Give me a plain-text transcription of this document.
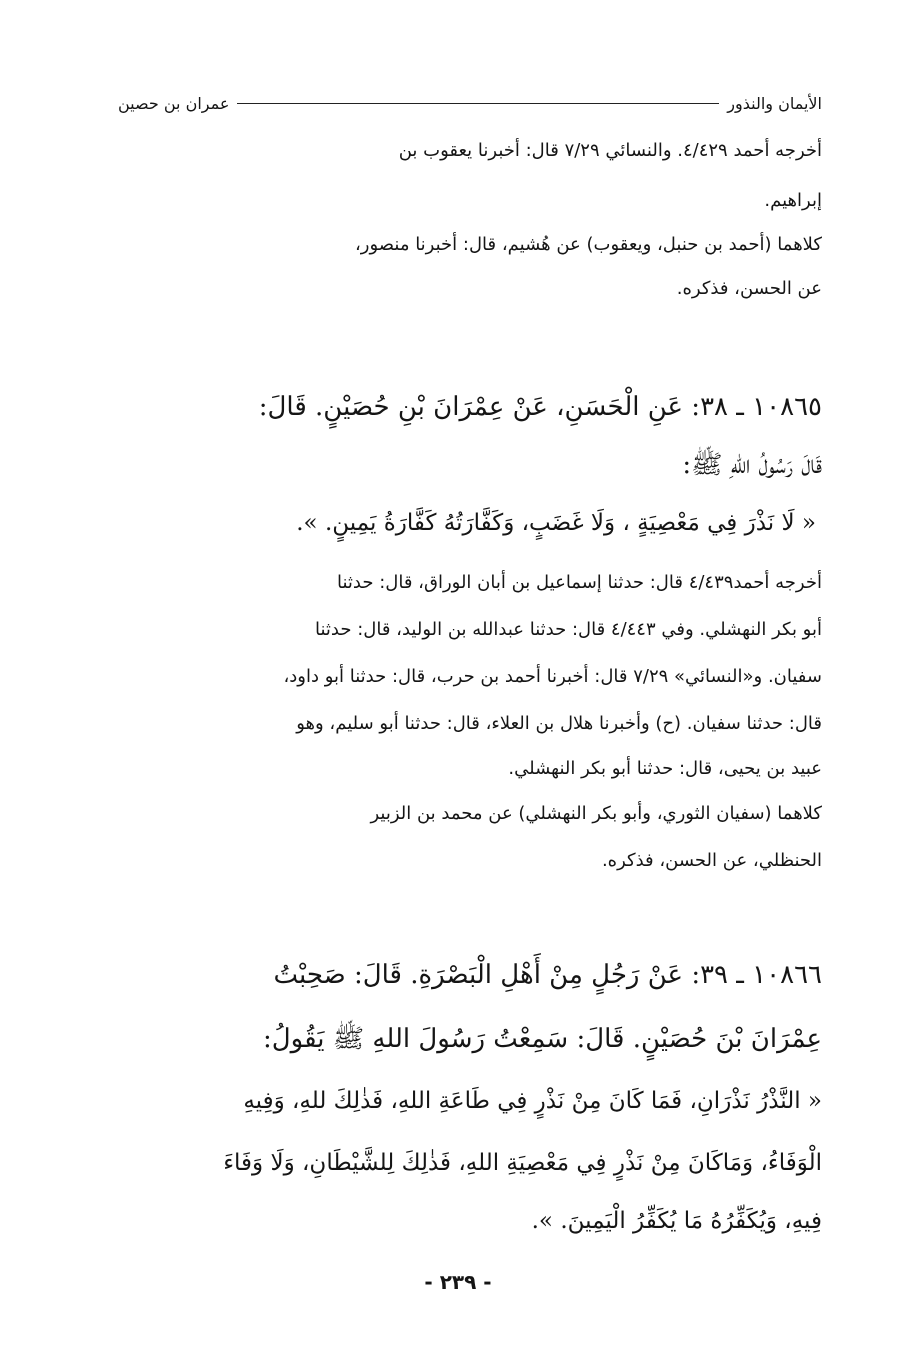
الأيمان والنذور
عمران بن حصين
أخرجه أحمد ٤/٤٢٩. والنسائي ٧/٢٩ قال: أخبرنا يعقوب بن
إبراهيم.
كلاهما (أحمد بن حنبل، ويعقوب) عن هُشيم، قال: أخبرنا منصور،
عن الحسن، فذكره.
١٠٨٦٥ ـ ٣٨: عَنِ الْحَسَنِ، عَنْ عِمْرَانَ بْنِ حُصَيْنٍ. قَالَ:
قَالَ رَسُولُ اللهِ ﷺ:
« لَا نَذْرَ فِي مَعْصِيَةٍ ، وَلَا غَضَبٍ، وَكَفَّارَتُهُ كَفَّارَةُ يَمِينٍ. ».
أخرجه أحمد٤/٤٣٩ قال: حدثنا إسماعيل بن أبان الوراق، قال: حدثنا
أبو بكر النهشلي. وفي ٤/٤٤٣ قال: حدثنا عبدالله بن الوليد، قال: حدثنا
سفيان. و«النسائي» ٧/٢٩ قال: أخبرنا أحمد بن حرب، قال: حدثنا أبو داود،
قال: حدثنا سفيان. (ح) وأخبرنا هلال بن العلاء، قال: حدثنا أبو سليم، وهو
عبيد بن يحيى، قال: حدثنا أبو بكر النهشلي.
كلاهما (سفيان الثوري، وأبو بكر النهشلي) عن محمد بن الزبير
الحنظلي، عن الحسن، فذكره.
١٠٨٦٦ ـ ٣٩: عَنْ رَجُلٍ مِنْ أَهْلِ الْبَصْرَةِ. قَالَ: صَحِبْتُ
عِمْرَانَ بْنَ حُصَيْنٍ. قَالَ: سَمِعْتُ رَسُولَ اللهِ ﷺ يَقُولُ:
« النَّذْرُ نَذْرَانِ، فَمَا كَانَ مِنْ نَذْرٍ فِي طَاعَةِ اللهِ، فَذٰلِكَ للهِ، وَفِيهِ
الْوَفَاءُ، وَمَاكَانَ مِنْ نَذْرٍ فِي مَعْصِيَةِ اللهِ، فَذٰلِكَ لِلشَّيْطَانِ، وَلَا وَفَاءَ
فِيهِ، وَيُكَفِّرُهُ مَا يُكَفِّرُ الْيَمِينَ. ».
- ٢٣٩ -
